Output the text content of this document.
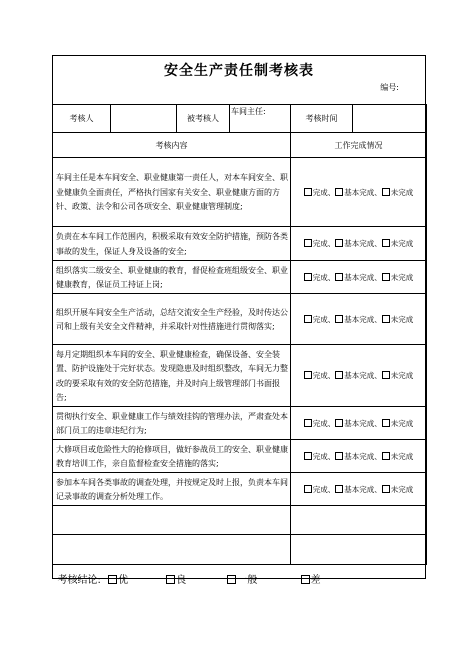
安全生产责任制考核表
编号:
考核人		被考核人	车间主任:	考核时间	
考核内容				工作完成情况	
车间主任是本车间安全、职业健康第一责任人，对本车间安全、职业健康负全面责任，严格执行国家有关安全、职业健康方面的方针、政策、法令和公司各项安全、职业健康管理制度;				完成、 基本完成、 未完成	
负责在本车间工作范围内，积极采取有效安全防护措施，预防各类事故的发生，保证人身及设备的安全;				完成、 基本完成、 未完成	
组织落实二级安全、职业健康的教育，督促检查班组级安全、职业健康教育，保证员工持证上岗;				完成、 基本完成、 未完成	
组织开展车间安全生产活动，总结交流安全生产经验，及时传达公司和上级有关安全文件精神，并采取针对性措施进行贯彻落实;				完成、 基本完成、 未完成	
每月定期组织本车间的安全、职业健康检查，确保设备、安全装置、防护设施处于完好状态。发现隐患及时组织整改，车间无力整改的要采取有效的安全防范措施，并及时向上级管理部门书面报告;				完成、 基本完成、 未完成	
贯彻执行安全、职业健康工作与绩效挂钩的管理办法，严肃查处本部门员工的违章违纪行为;				完成、 基本完成、 未完成	
大修项目或危险性大的抢修项目，做好参战员工的安全、职业健康教育培训工作，亲自监督检查安全措施的落实;				完成、 基本完成、 未完成	
参加本车间各类事故的调查处理，并按规定及时上报，负责本车间记录事故的调查分析处理工作。				完成、 基本完成、 未完成	

考核结论: 优 良 一般 差					
